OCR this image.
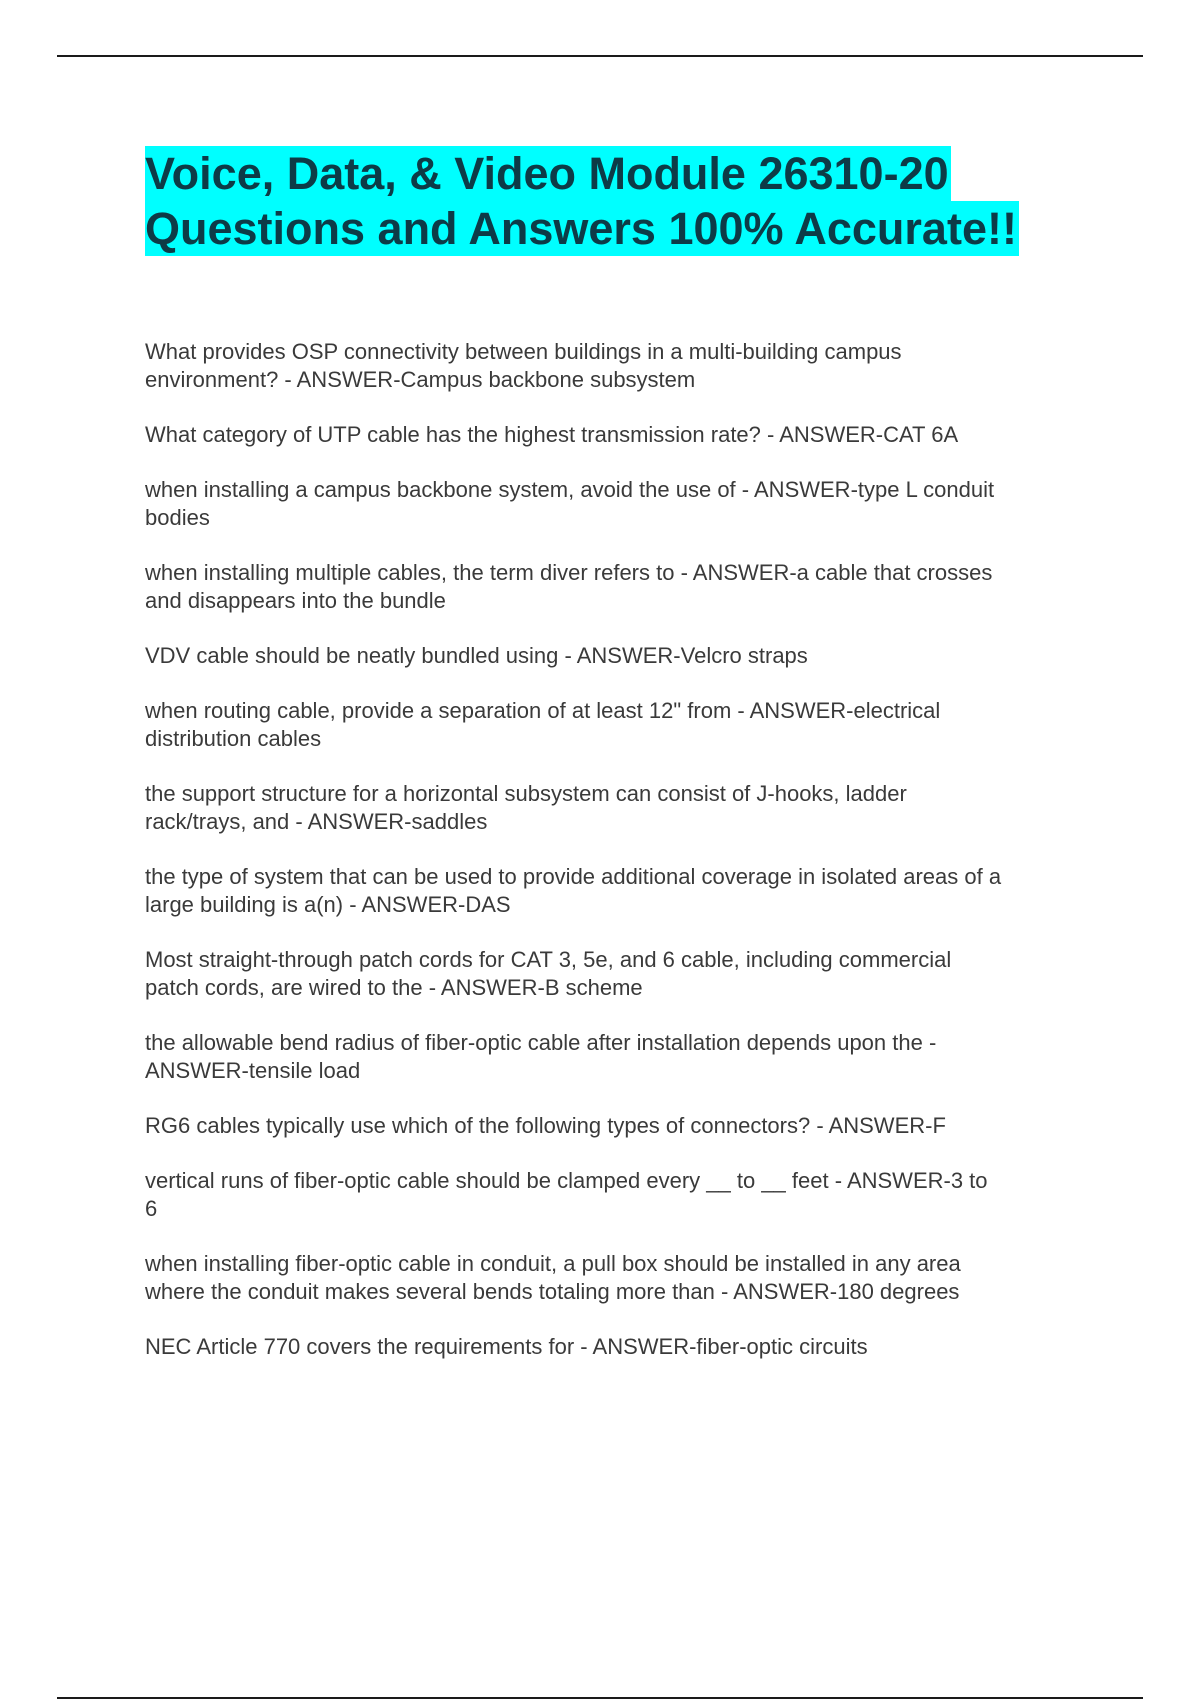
Voice, Data, & Video Module 26310-20
Questions and Answers 100% Accurate!!
What provides OSP connectivity between buildings in a multi-building campus
environment? - ANSWER-Campus backbone subsystem
What category of UTP cable has the highest transmission rate? - ANSWER-CAT 6A
when installing a campus backbone system, avoid the use of - ANSWER-type L conduit
bodies
when installing multiple cables, the term diver refers to - ANSWER-a cable that crosses
and disappears into the bundle
VDV cable should be neatly bundled using - ANSWER-Velcro straps
when routing cable, provide a separation of at least 12" from - ANSWER-electrical
distribution cables
the support structure for a horizontal subsystem can consist of J-hooks, ladder
rack/trays, and - ANSWER-saddles
the type of system that can be used to provide additional coverage in isolated areas of a
large building is a(n) - ANSWER-DAS
Most straight-through patch cords for CAT 3, 5e, and 6 cable, including commercial
patch cords, are wired to the - ANSWER-B scheme
the allowable bend radius of fiber-optic cable after installation depends upon the -
ANSWER-tensile load
RG6 cables typically use which of the following types of connectors? - ANSWER-F
vertical runs of fiber-optic cable should be clamped every __ to __ feet - ANSWER-3 to
6
when installing fiber-optic cable in conduit, a pull box should be installed in any area
where the conduit makes several bends totaling more than - ANSWER-180 degrees
NEC Article 770 covers the requirements for - ANSWER-fiber-optic circuits
